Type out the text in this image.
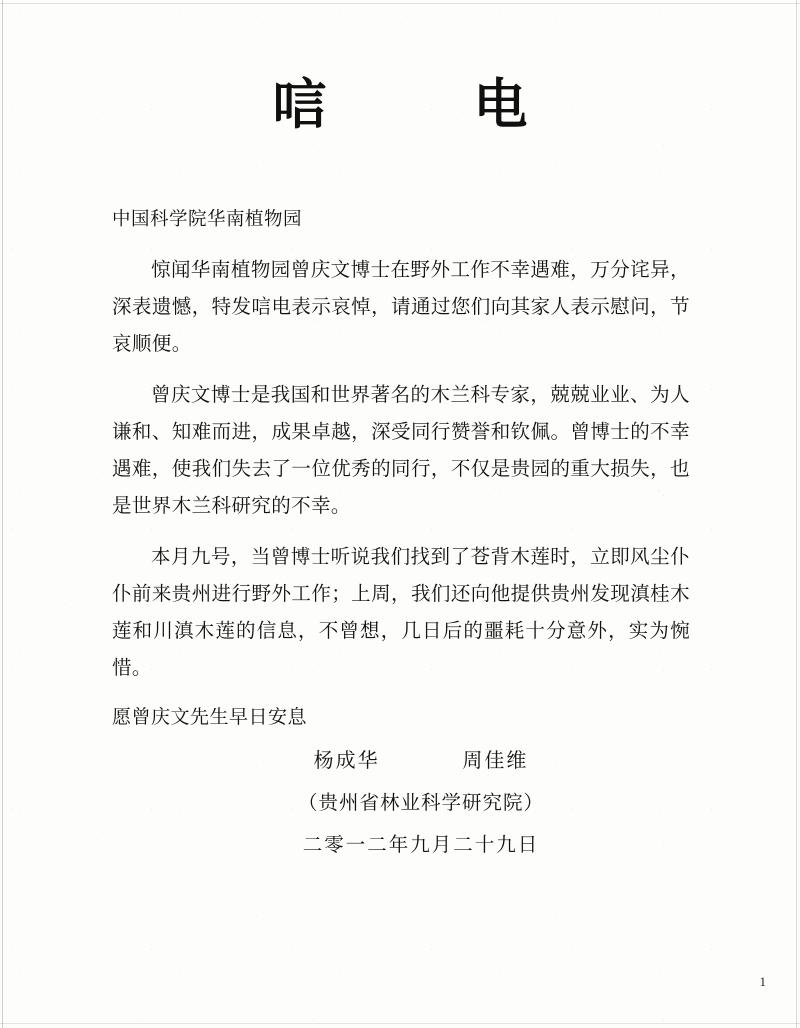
唁 电
中国科学院华南植物园

惊闻华南植物园曾庆文博士在野外工作不幸遇难，万分诧异，深表遗憾，特发唁电表示哀悼，请通过您们向其家人表示慰问，节哀顺便。

曾庆文博士是我国和世界著名的木兰科专家，兢兢业业、为人谦和、知难而进，成果卓越，深受同行赞誉和钦佩。曾博士的不幸遇难，使我们失去了一位优秀的同行，不仅是贵园的重大损失，也是世界木兰科研究的不幸。

本月九号，当曾博士听说我们找到了苍背木莲时，立即风尘仆仆前来贵州进行野外工作；上周，我们还向他提供贵州发现滇桂木莲和川滇木莲的信息，不曾想，几日后的噩耗十分意外，实为惋惜。

愿曾庆文先生早日安息
杨成华	周佳维
（贵州省林业科学研究院）
二零一二年九月二十九日
1
